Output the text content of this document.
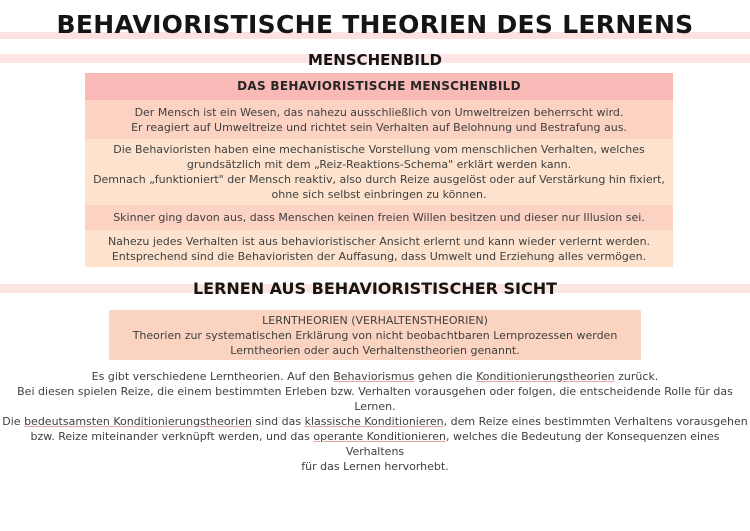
BEHAVIORISTISCHE THEORIEN DES LERNENS
MENSCHENBILD
DAS BEHAVIORISTISCHE MENSCHENBILD
Der Mensch ist ein Wesen, das nahezu ausschließlich von Umweltreizen beherrscht wird.
Er reagiert auf Umweltreize und richtet sein Verhalten auf Belohnung und Bestrafung aus.
Die Behavioristen haben eine mechanistische Vorstellung vom menschlichen Verhalten, welches
grundsätzlich mit dem „Reiz-Reaktions-Schema" erklärt werden kann.
Demnach „funktioniert" der Mensch reaktiv, also durch Reize ausgelöst oder auf Verstärkung hin fixiert,
ohne sich selbst einbringen zu können.
Skinner ging davon aus, dass Menschen keinen freien Willen besitzen und dieser nur Illusion sei.
Nahezu jedes Verhalten ist aus behavioristischer Ansicht erlernt und kann wieder verlernt werden.
Entsprechend sind die Behavioristen der Auffasung, dass Umwelt und Erziehung alles vermögen.
LERNEN AUS BEHAVIORISTISCHER SICHT
LERNTHEORIEN (VERHALTENSTHEORIEN)
Theorien zur systematischen Erklärung von nicht beobachtbaren Lernprozessen werden
Lerntheorien oder auch Verhaltenstheorien genannt.
Es gibt verschiedene Lerntheorien. Auf den Behaviorismus gehen die Konditionierungstheorien zurück.
Bei diesen spielen Reize, die einem bestimmten Erleben bzw. Verhalten vorausgehen oder folgen, die entscheidende Rolle für das Lernen.
Die bedeutsamsten Konditionierungstheorien sind das klassische Konditionieren, dem Reize eines bestimmten Verhaltens vorausgehen
bzw. Reize miteinander verknüpft werden, und das operante Konditionieren, welches die Bedeutung der Konsequenzen eines Verhaltens
für das Lernen hervorhebt.
